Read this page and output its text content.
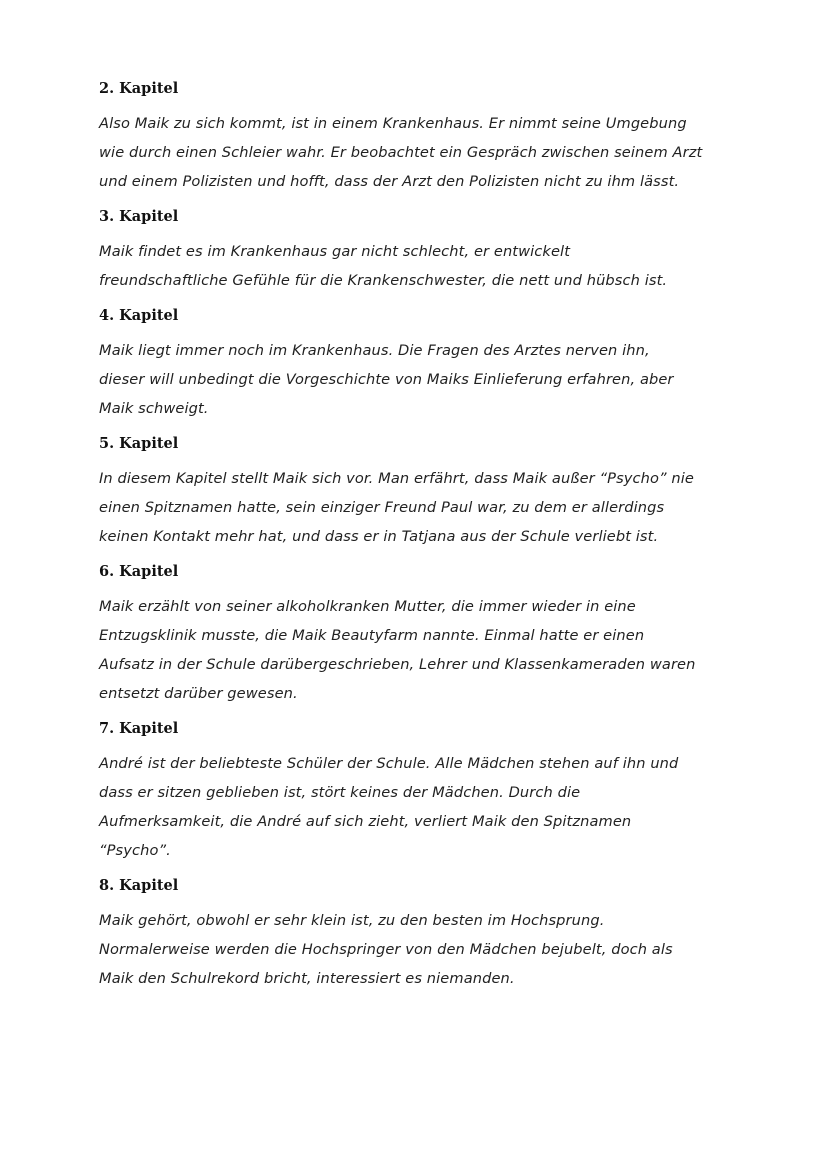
2. Kapitel

Also Maik zu sich kommt, ist in einem Krankenhaus. Er nimmt seine Umgebung
wie durch einen Schleier wahr. Er beobachtet ein Gespräch zwischen seinem Arzt
und einem Polizisten und hofft, dass der Arzt den Polizisten nicht zu ihm lässt.

3. Kapitel

Maik findet es im Krankenhaus gar nicht schlecht, er entwickelt
freundschaftliche Gefühle für die Krankenschwester, die nett und hübsch ist.

4. Kapitel

Maik liegt immer noch im Krankenhaus. Die Fragen des Arztes nerven ihn,
dieser will unbedingt die Vorgeschichte von Maiks Einlieferung erfahren, aber
Maik schweigt.

5. Kapitel

In diesem Kapitel stellt Maik sich vor. Man erfährt, dass Maik außer “Psycho” nie
einen Spitznamen hatte, sein einziger Freund Paul war, zu dem er allerdings
keinen Kontakt mehr hat, und dass er in Tatjana aus der Schule verliebt ist.

6. Kapitel

Maik erzählt von seiner alkoholkranken Mutter, die immer wieder in eine
Entzugsklinik musste, die Maik Beautyfarm nannte. Einmal hatte er einen
Aufsatz in der Schule darübergeschrieben, Lehrer und Klassenkameraden waren
entsetzt darüber gewesen.

7. Kapitel

André ist der beliebteste Schüler der Schule. Alle Mädchen stehen auf ihn und
dass er sitzen geblieben ist, stört keines der Mädchen. Durch die
Aufmerksamkeit, die André auf sich zieht, verliert Maik den Spitznamen
“Psycho”.

8. Kapitel

Maik gehört, obwohl er sehr klein ist, zu den besten im Hochsprung.
Normalerweise werden die Hochspringer von den Mädchen bejubelt, doch als
Maik den Schulrekord bricht, interessiert es niemanden.
